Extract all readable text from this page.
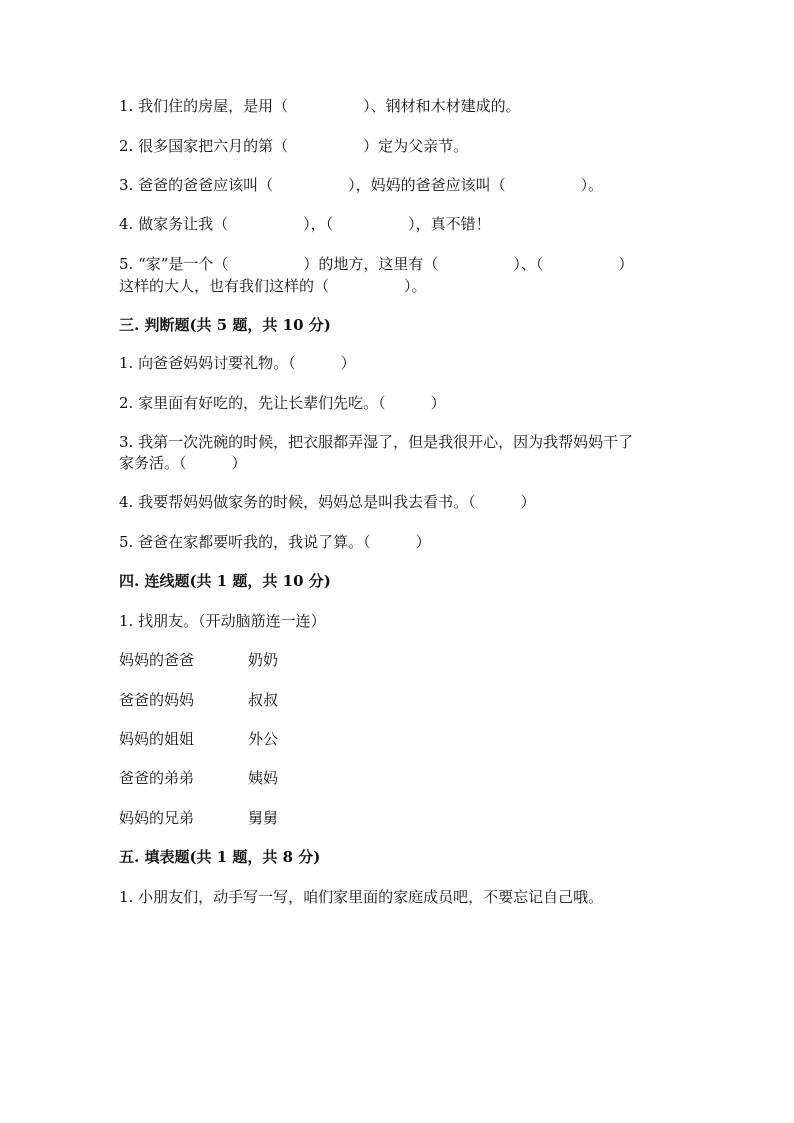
1. 我们住的房屋，是用（　　　　　）、钢材和木材建成的。
2. 很多国家把六月的第（　　　　　）定为父亲节。
3. 爸爸的爸爸应该叫（　　　　　），妈妈的爸爸应该叫（　　　　　）。
4. 做家务让我（　　　　　），（　　　　　），真不错！
5. “家”是一个（　　　　　）的地方，这里有（　　　　　）、（　　　　　）
这样的大人，也有我们这样的（　　　　　）。
三. 判断题(共 5 题，共 10 分)
1. 向爸爸妈妈讨要礼物。（　　　）
2. 家里面有好吃的，先让长辈们先吃。（　　　）
3. 我第一次洗碗的时候，把衣服都弄湿了，但是我很开心，因为我帮妈妈干了
家务活。（　　　）
4. 我要帮妈妈做家务的时候，妈妈总是叫我去看书。（　　　）
5. 爸爸在家都要听我的，我说了算。（　　　）
四. 连线题(共 1 题，共 10 分)
1. 找朋友。（开动脑筋连一连）
妈妈的爸爸	奶奶
爸爸的妈妈	叔叔
妈妈的姐姐	外公
爸爸的弟弟	姨妈
妈妈的兄弟	舅舅
五. 填表题(共 1 题，共 8 分)
1. 小朋友们，动手写一写，咱们家里面的家庭成员吧，不要忘记自己哦。
